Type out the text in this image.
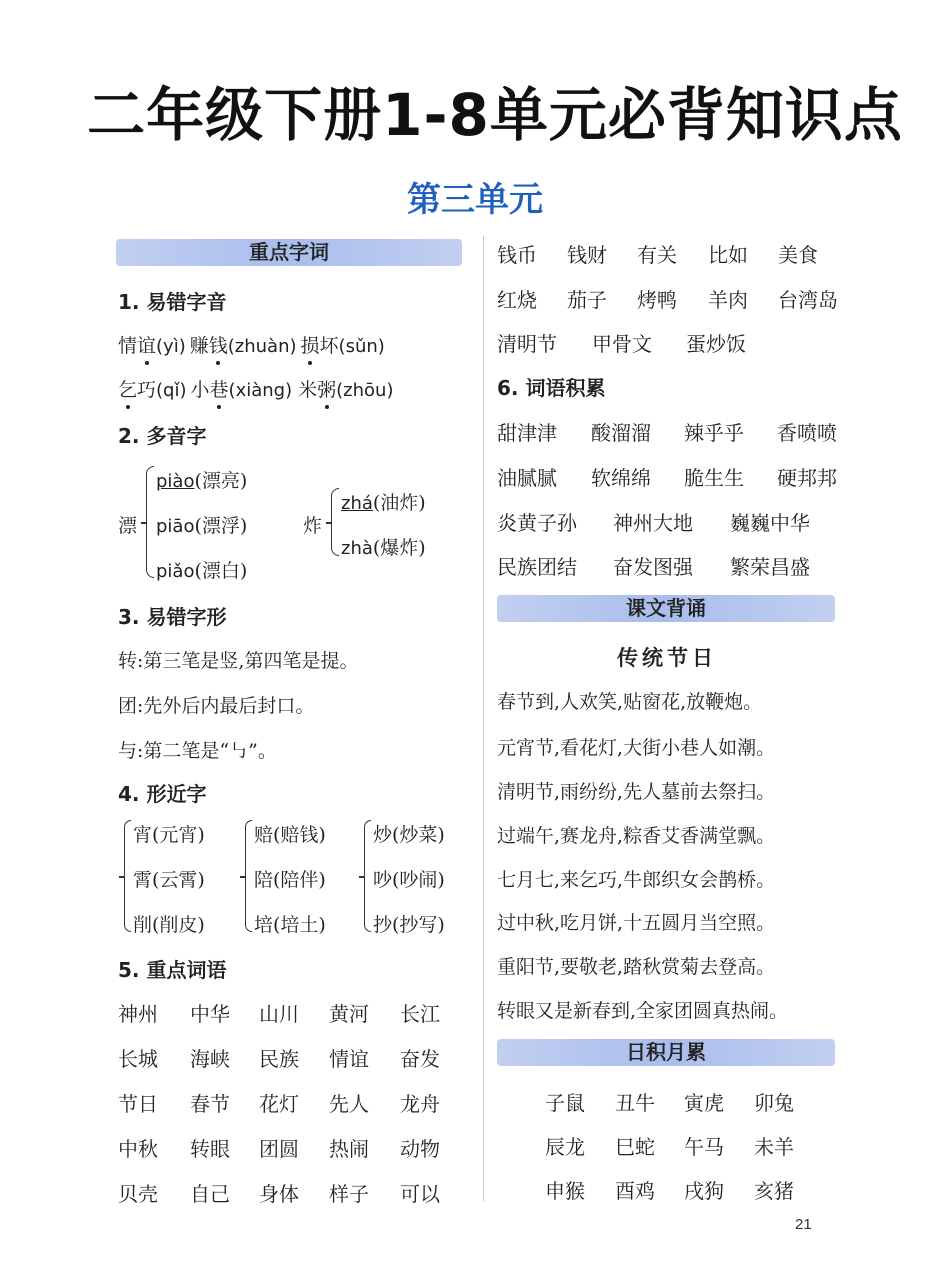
二年级下册1-8单元必背知识点
第三单元
重点字词
1. 易错字音
情谊(yì) 赚钱(zhuàn) 损坏(sǔn)
乞巧(qǐ) 小巷(xiàng) 米粥(zhōu)
2. 多音字
漂
piào(漂亮)
piāo(漂浮)
piǎo(漂白)
炸
zhá(油炸)
zhà(爆炸)
3. 易错字形
转:第三笔是竖,第四笔是提。
团:先外后内最后封口。
与:第二笔是“㇉”。
4. 形近字
宵(元宵)
霄(云霄)
削(削皮)
赔(赔钱)
陪(陪伴)
培(培土)
炒(炒菜)
吵(吵闹)
抄(抄写)
5. 重点词语
神州 中华 山川 黄河 长江
长城 海峡 民族 情谊 奋发
节日 春节 花灯 先人 龙舟
中秋 转眼 团圆 热闹 动物
贝壳 自己 身体 样子 可以
钱币 钱财 有关 比如 美食
红烧 茄子 烤鸭 羊肉 台湾岛
清明节 甲骨文 蛋炒饭
6. 词语积累
甜津津 酸溜溜 辣乎乎 香喷喷
油腻腻 软绵绵 脆生生 硬邦邦
炎黄子孙 神州大地 巍巍中华
民族团结 奋发图强 繁荣昌盛
课文背诵
传统节日
春节到,人欢笑,贴窗花,放鞭炮。
元宵节,看花灯,大街小巷人如潮。
清明节,雨纷纷,先人墓前去祭扫。
过端午,赛龙舟,粽香艾香满堂飘。
七月七,来乞巧,牛郎织女会鹊桥。
过中秋,吃月饼,十五圆月当空照。
重阳节,要敬老,踏秋赏菊去登高。
转眼又是新春到,全家团圆真热闹。
日积月累
子鼠 丑牛 寅虎 卯兔
辰龙 巳蛇 午马 未羊
申猴 酉鸡 戌狗 亥猪
21
